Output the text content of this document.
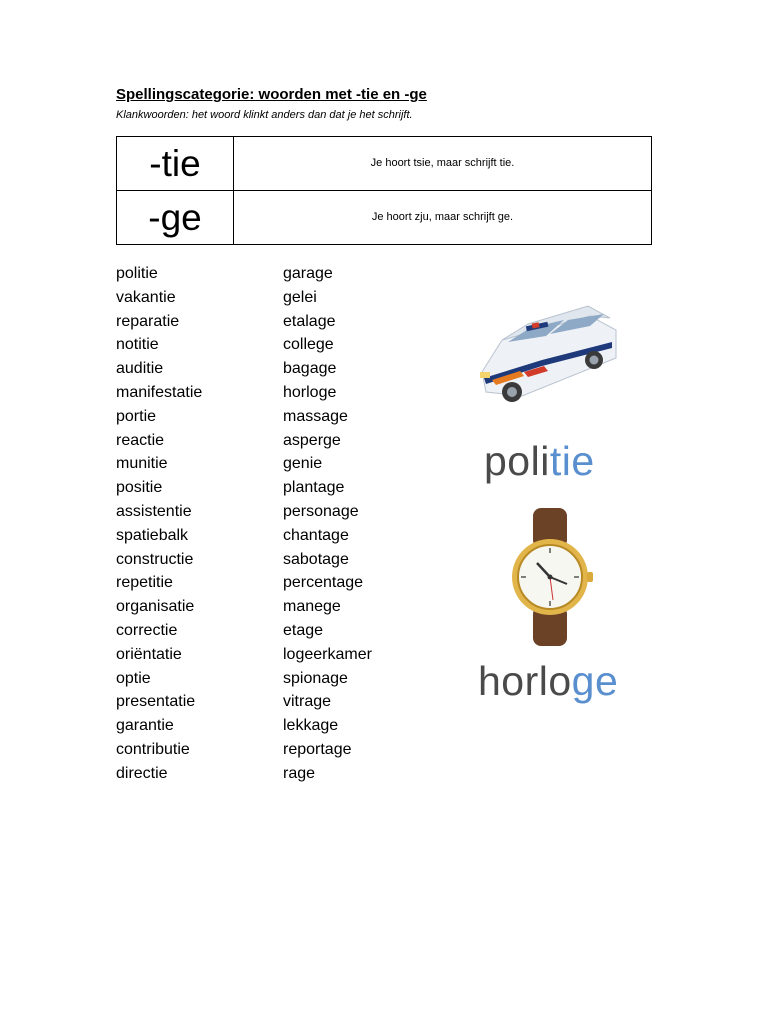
Spellingscategorie: woorden met -tie en -ge
Klankwoorden: het woord klinkt anders dan dat je het schrijft.
-tie	Je hoort tsie, maar schrijft tie.
-ge	Je hoort zju, maar schrijft ge.
politie
vakantie
reparatie
notitie
auditie
manifestatie
portie
reactie
munitie
positie
assistentie
spatiebalk
constructie
repetitie
organisatie
correctie
oriëntatie
optie
presentatie
garantie
contributie
directie
garage
gelei
etalage
college
bagage
horloge
massage
asperge
genie
plantage
personage
chantage
sabotage
percentage
manege
etage
logeerkamer
spionage
vitrage
lekkage
reportage
rage
politie
horloge
